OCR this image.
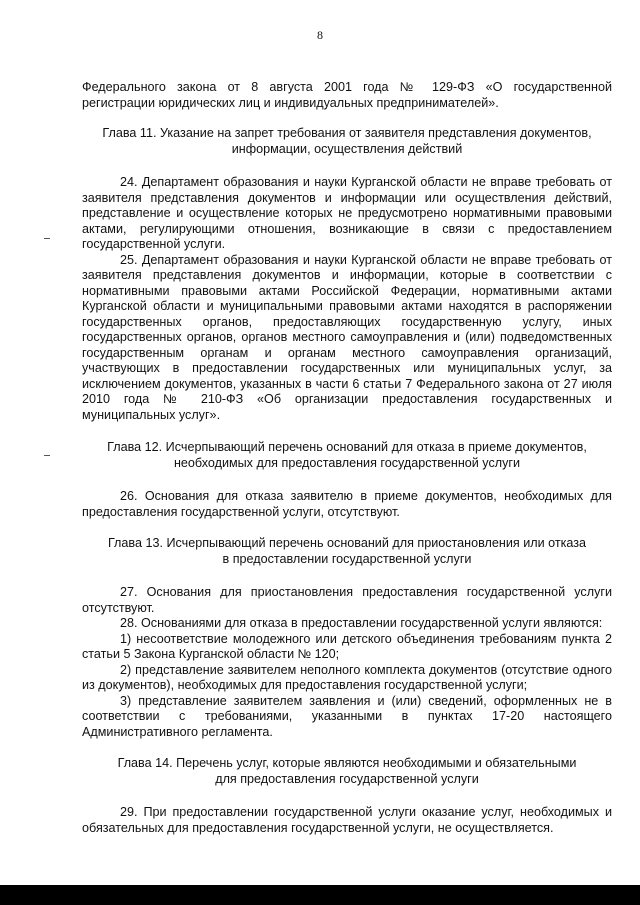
8

Федерального закона от 8 августа 2001 года № 129-ФЗ «О государственной
регистрации юридических лиц и индивидуальных предпринимателей».

Глава 11. Указание на запрет требования от заявителя представления документов,
информации, осуществления действий

24. Департамент образования и науки Курганской области не вправе требовать от заявителя представления документов и информации или осуществления действий, представление и осуществление которых не предусмотрено нормативными правовыми актами, регулирующими отношения, возникающие в связи с предоставлением государственной услуги.

25. Департамент образования и науки Курганской области не вправе требовать от заявителя представления документов и информации, которые в соответствии с нормативными правовыми актами Российской Федерации, нормативными актами Курганской области и муниципальными правовыми актами находятся в распоряжении государственных органов, предоставляющих государственную услугу, иных государственных органов, органов местного самоуправления и (или) подведомственных государственным органам и органам местного самоуправления организаций, участвующих в предоставлении государственных или муниципальных услуг, за исключением документов, указанных в части 6 статьи 7 Федерального закона от 27 июля 2010 года № 210-ФЗ «Об организации предоставления государственных и муниципальных услуг».

Глава 12. Исчерпывающий перечень оснований для отказа в приеме документов,
необходимых для предоставления государственной услуги

26. Основания для отказа заявителю в приеме документов, необходимых для предоставления государственной услуги, отсутствуют.

Глава 13. Исчерпывающий перечень оснований для приостановления или отказа
в предоставлении государственной услуги

27. Основания для приостановления предоставления государственной услуги отсутствуют.

28. Основаниями для отказа в предоставлении государственной услуги являются:

1) несоответствие молодежного или детского объединения требованиям пункта 2 статьи 5 Закона Курганской области № 120;

2) представление заявителем неполного комплекта документов (отсутствие одного из документов), необходимых для предоставления государственной услуги;

3) представление заявителем заявления и (или) сведений, оформленных не в соответствии с требованиями, указанными в пунктах 17-20 настоящего Административного регламента.

Глава 14. Перечень услуг, которые являются необходимыми и обязательными
для предоставления государственной услуги

29. При предоставлении государственной услуги оказание услуг, необходимых и обязательных для предоставления государственной услуги, не осуществляется.
